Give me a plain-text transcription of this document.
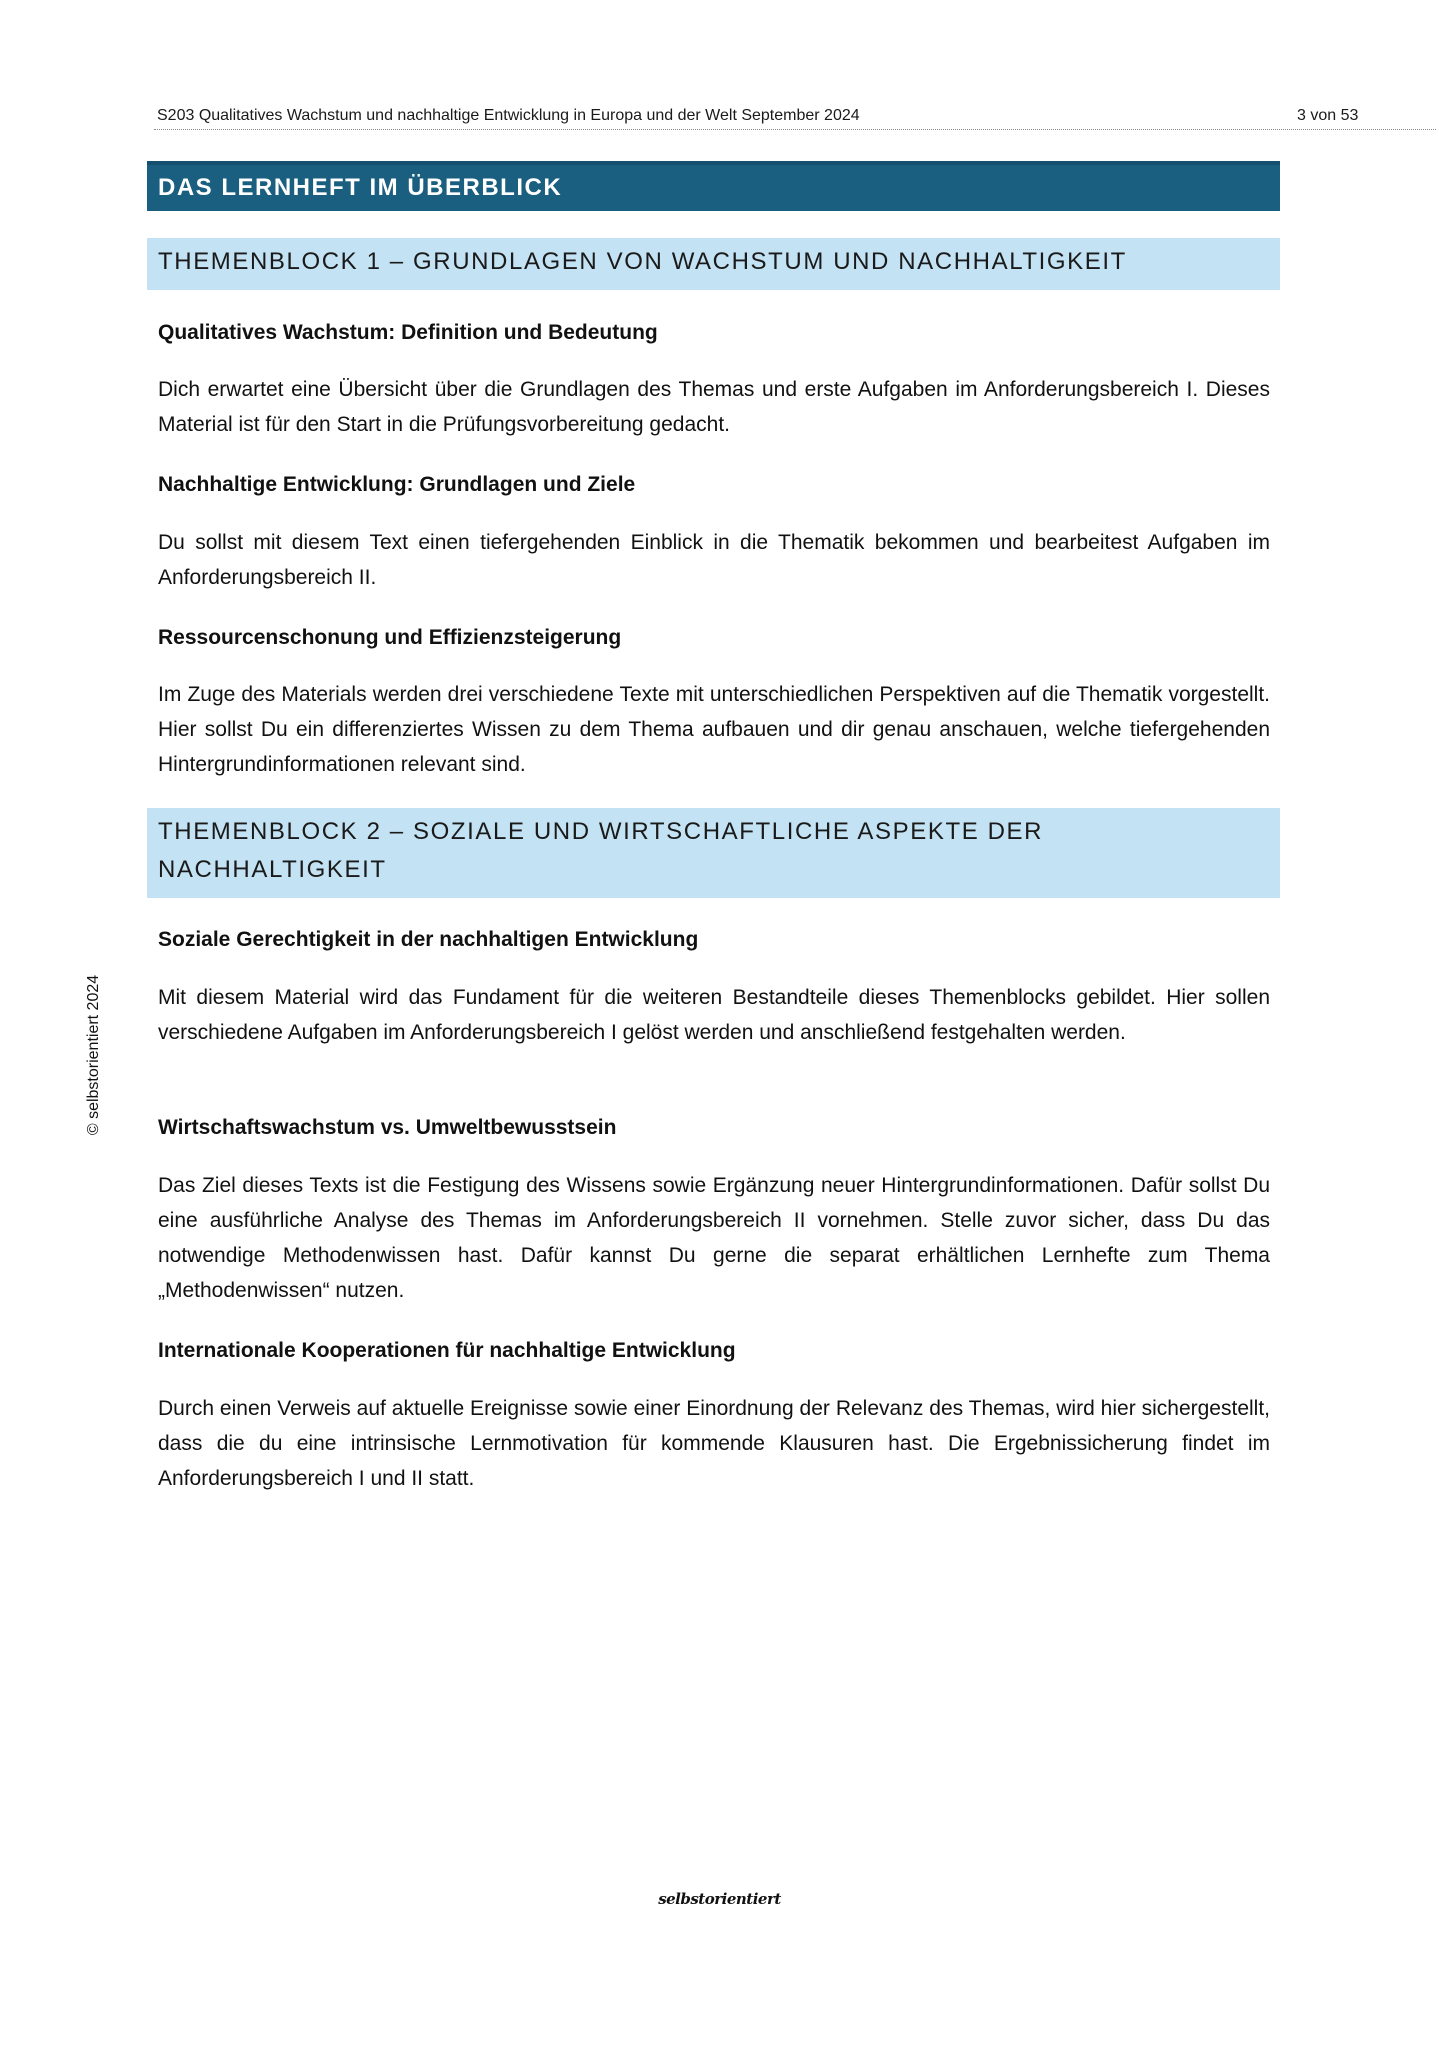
S203 Qualitatives Wachstum und nachhaltige Entwicklung in Europa und der Welt September 2024	3 von 53
DAS LERNHEFT IM ÜBERBLICK
THEMENBLOCK 1 – GRUNDLAGEN VON WACHSTUM UND NACHHALTIGKEIT
Qualitatives Wachstum: Definition und Bedeutung
Dich erwartet eine Übersicht über die Grundlagen des Themas und erste Aufgaben im Anforderungsbereich I. Dieses Material ist für den Start in die Prüfungsvorbereitung gedacht.
Nachhaltige Entwicklung: Grundlagen und Ziele
Du sollst mit diesem Text einen tiefergehenden Einblick in die Thematik bekommen und bearbeitest Aufgaben im Anforderungsbereich II.
Ressourcenschonung und Effizienzsteigerung
Im Zuge des Materials werden drei verschiedene Texte mit unterschiedlichen Perspektiven auf die Thematik vorgestellt. Hier sollst Du ein differenziertes Wissen zu dem Thema aufbauen und dir genau anschauen, welche tiefergehenden Hintergrundinformationen relevant sind.
THEMENBLOCK 2 – SOZIALE UND WIRTSCHAFTLICHE ASPEKTE DER NACHHALTIGKEIT
Soziale Gerechtigkeit in der nachhaltigen Entwicklung
Mit diesem Material wird das Fundament für die weiteren Bestandteile dieses Themenblocks gebildet. Hier sollen verschiedene Aufgaben im Anforderungsbereich I gelöst werden und anschließend festgehalten werden.
Wirtschaftswachstum vs. Umweltbewusstsein
Das Ziel dieses Texts ist die Festigung des Wissens sowie Ergänzung neuer Hintergrundinformationen. Dafür sollst Du eine ausführliche Analyse des Themas im Anforderungsbereich II vornehmen. Stelle zuvor sicher, dass Du das notwendige Methodenwissen hast. Dafür kannst Du gerne die separat erhältlichen Lernhefte zum Thema „Methodenwissen“ nutzen.
Internationale Kooperationen für nachhaltige Entwicklung
Durch einen Verweis auf aktuelle Ereignisse sowie einer Einordnung der Relevanz des Themas, wird hier sichergestellt, dass die du eine intrinsische Lernmotivation für kommende Klausuren hast. Die Ergebnissicherung findet im Anforderungsbereich I und II statt.
© selbstorientiert 2024
selbstorientiert
